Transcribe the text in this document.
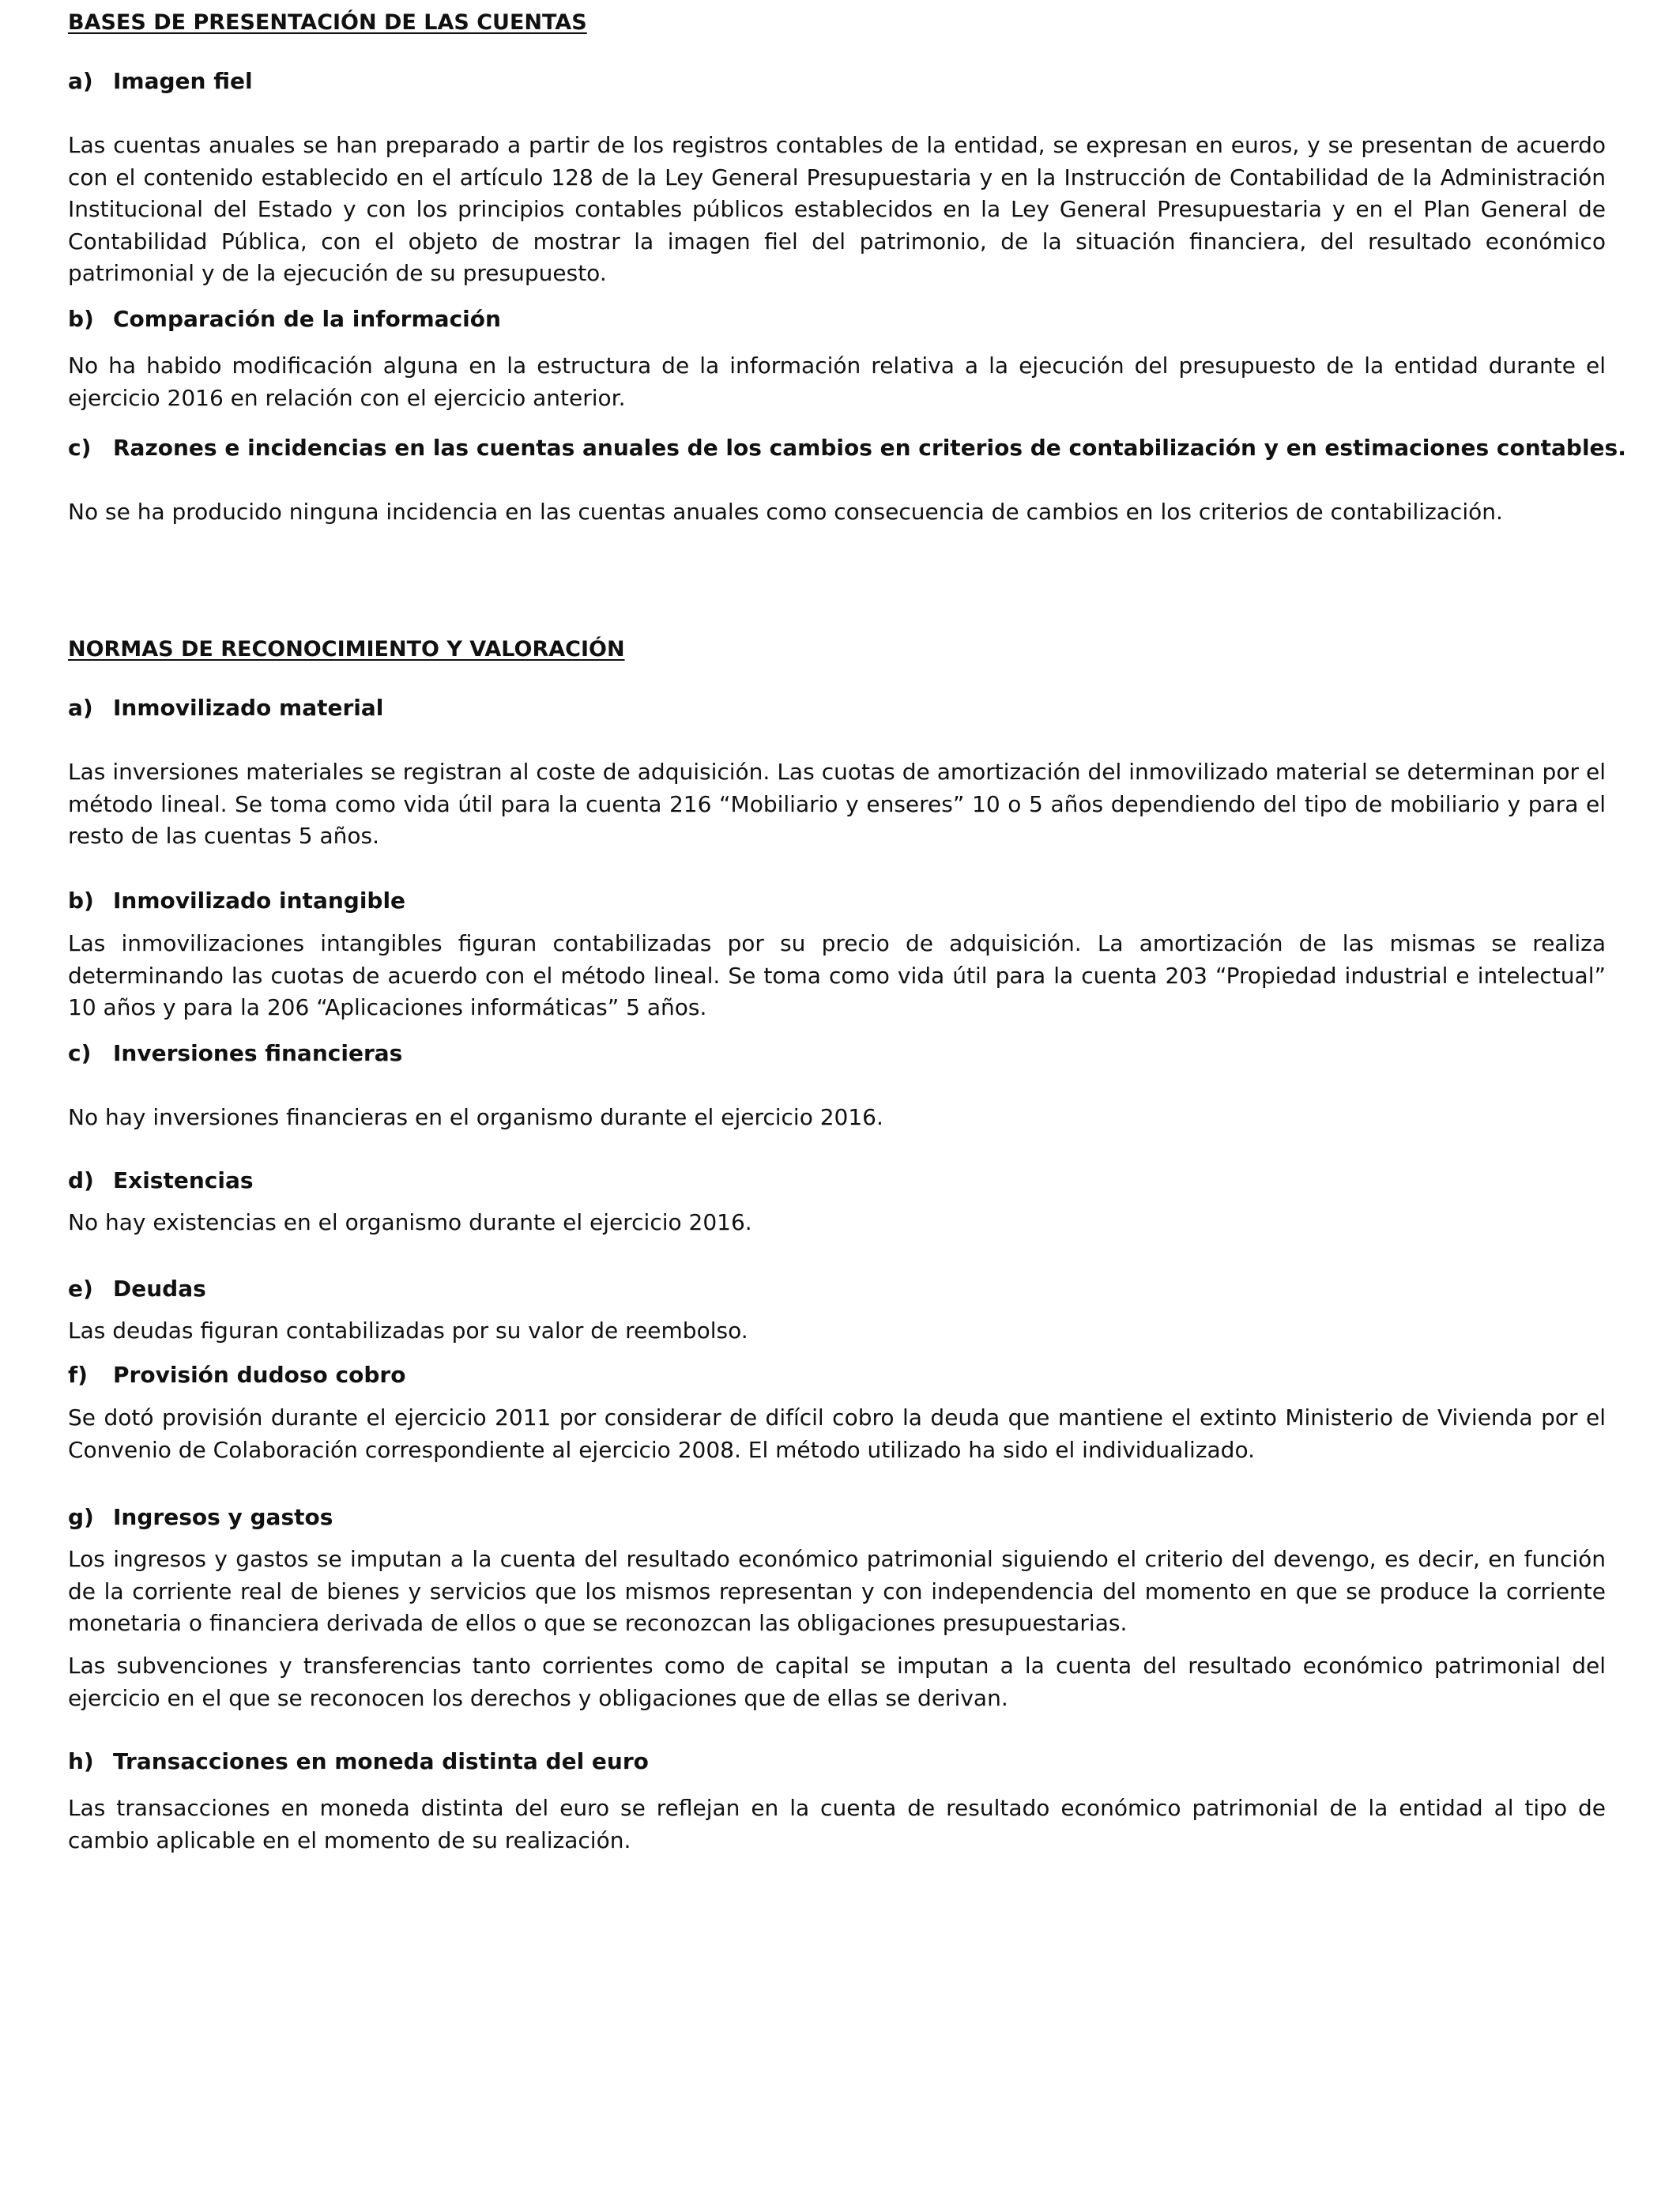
BASES DE PRESENTACIÓN DE LAS CUENTAS
a) Imagen fiel
Las cuentas anuales se han preparado a partir de los registros contables de la entidad, se expresan en euros, y se presentan de acuerdo con el contenido establecido en el artículo 128 de la Ley General Presupuestaria y en la Instrucción de Contabilidad de la Administración Institucional del Estado y con los principios contables públicos establecidos en la Ley General Presupuestaria y en el Plan General de Contabilidad Pública, con el objeto de mostrar la imagen fiel del patrimonio, de la situación financiera, del resultado económico patrimonial y de la ejecución de su presupuesto.
b) Comparación de la información
No ha habido modificación alguna en la estructura de la información relativa a la ejecución del presupuesto de la entidad durante el ejercicio 2016 en relación con el ejercicio anterior.
c) Razones e incidencias en las cuentas anuales de los cambios en criterios de contabilización y en estimaciones contables.
No se ha producido ninguna incidencia en las cuentas anuales como consecuencia de cambios en los criterios de contabilización.
NORMAS DE RECONOCIMIENTO Y VALORACIÓN
a) Inmovilizado material
Las inversiones materiales se registran al coste de adquisición. Las cuotas de amortización del inmovilizado material se determinan por el método lineal. Se toma como vida útil para la cuenta 216 “Mobiliario y enseres” 10 o 5 años dependiendo del tipo de mobiliario y para el resto de las cuentas 5 años.
b) Inmovilizado intangible
Las inmovilizaciones intangibles figuran contabilizadas por su precio de adquisición. La amortización de las mismas se realiza determinando las cuotas de acuerdo con el método lineal. Se toma como vida útil para la cuenta 203 “Propiedad industrial e intelectual” 10 años y para la 206 “Aplicaciones informáticas” 5 años.
c) Inversiones financieras
No hay inversiones financieras en el organismo durante el ejercicio 2016.
d) Existencias
No hay existencias en el organismo durante el ejercicio 2016.
e) Deudas
Las deudas figuran contabilizadas por su valor de reembolso.
f) Provisión dudoso cobro
Se dotó provisión durante el ejercicio 2011 por considerar de difícil cobro la deuda que mantiene el extinto Ministerio de Vivienda por el Convenio de Colaboración correspondiente al ejercicio 2008. El método utilizado ha sido el individualizado.
g) Ingresos y gastos
Los ingresos y gastos se imputan a la cuenta del resultado económico patrimonial siguiendo el criterio del devengo, es decir, en función de la corriente real de bienes y servicios que los mismos representan y con independencia del momento en que se produce la corriente monetaria o financiera derivada de ellos o que se reconozcan las obligaciones presupuestarias.
Las subvenciones y transferencias tanto corrientes como de capital se imputan a la cuenta del resultado económico patrimonial del ejercicio en el que se reconocen los derechos y obligaciones que de ellas se derivan.
h) Transacciones en moneda distinta del euro
Las transacciones en moneda distinta del euro se reflejan en la cuenta de resultado económico patrimonial de la entidad al tipo de cambio aplicable en el momento de su realización.
